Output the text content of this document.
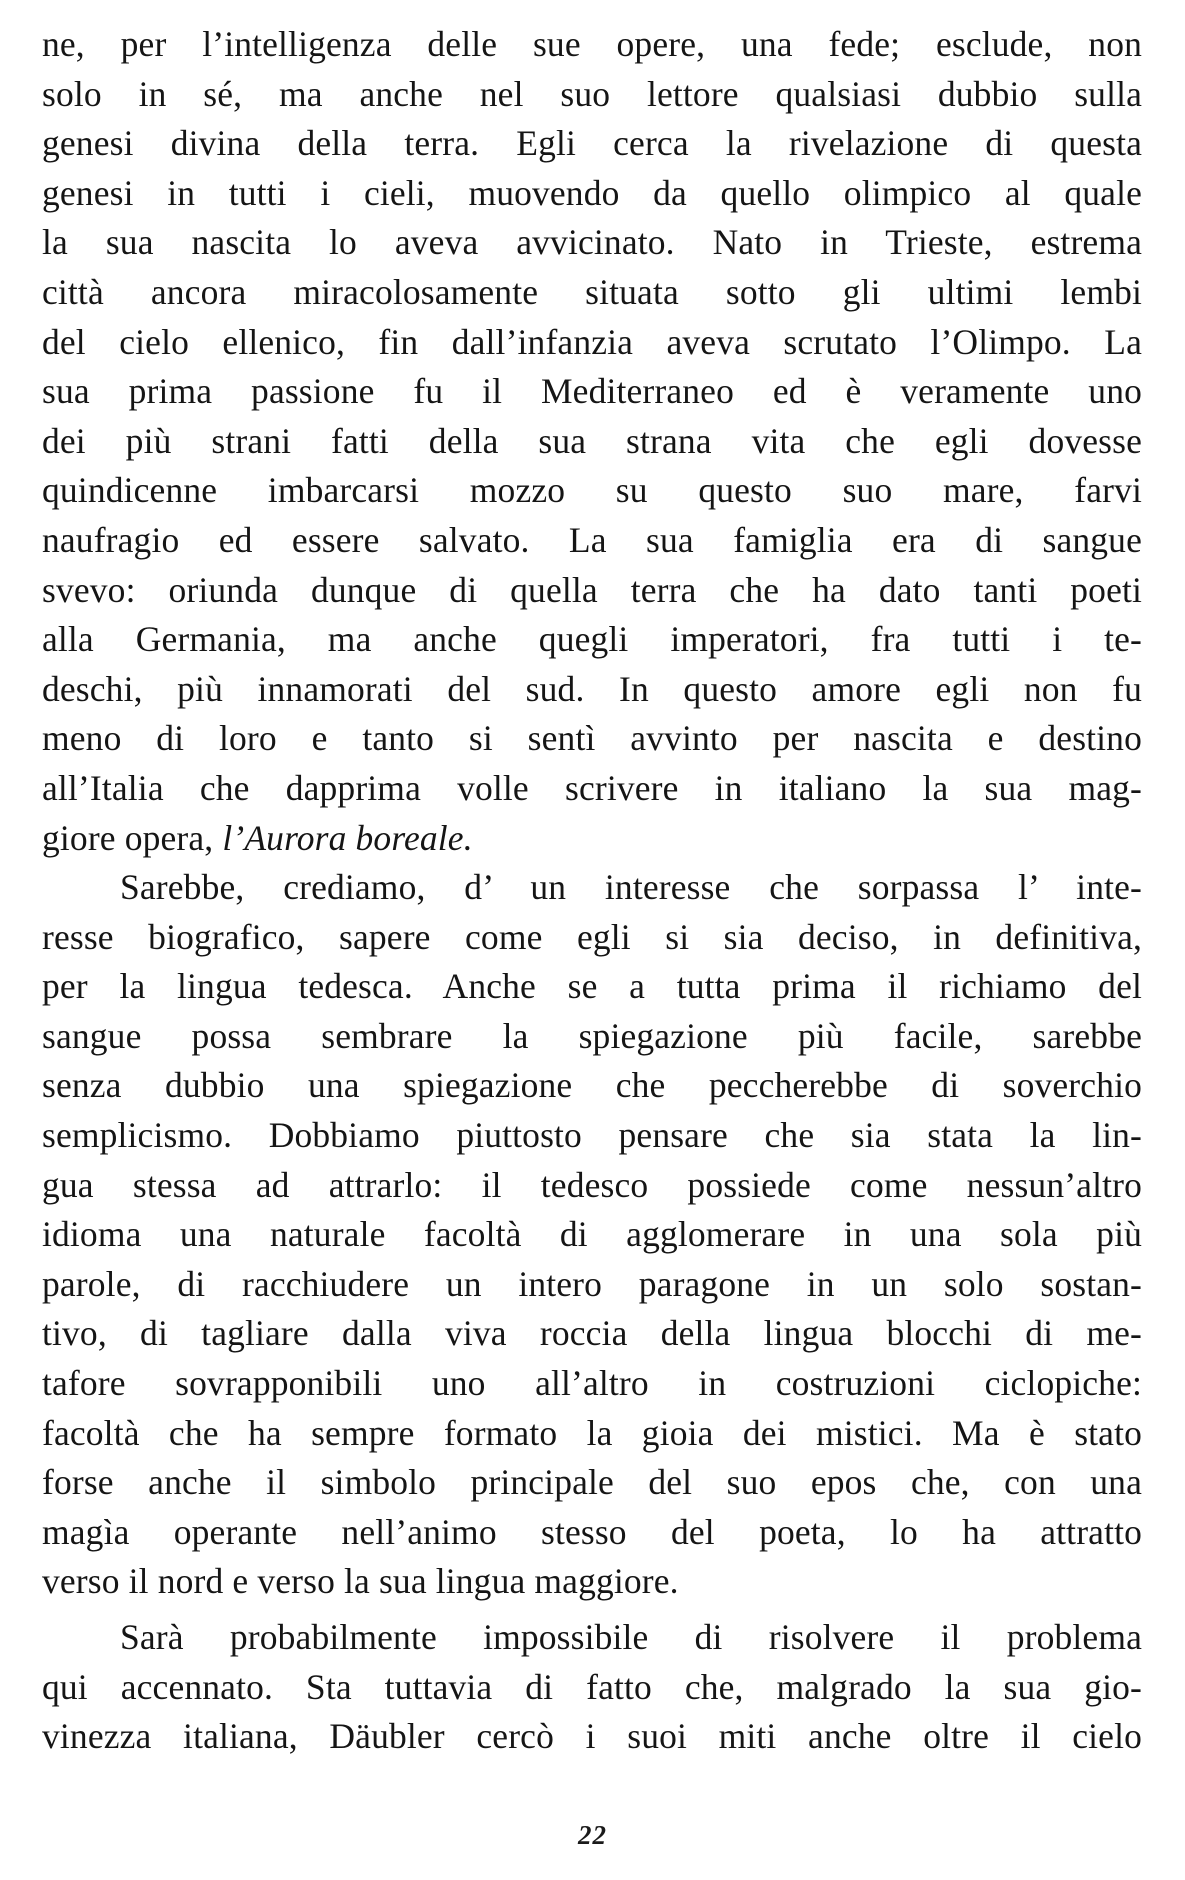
ne, per l’intelligenza delle sue opere, una fede; esclude, non
solo in sé, ma anche nel suo lettore qualsiasi dubbio sulla
genesi divina della terra. Egli cerca la rivelazione di questa
genesi in tutti i cieli, muovendo da quello olimpico al quale
la sua nascita lo aveva avvicinato. Nato in Trieste, estrema
città ancora miracolosamente situata sotto gli ultimi lembi
del cielo ellenico, fin dall’infanzia aveva scrutato l’Olimpo. La
sua prima passione fu il Mediterraneo ed è veramente uno
dei più strani fatti della sua strana vita che egli dovesse
quindicenne imbarcarsi mozzo su questo suo mare, farvi
naufragio ed essere salvato. La sua famiglia era di sangue
svevo: oriunda dunque di quella terra che ha dato tanti poeti
alla Germania, ma anche quegli imperatori, fra tutti i te-
deschi, più innamorati del sud. In questo amore egli non fu
meno di loro e tanto si sentì avvinto per nascita e destino
all’Italia che dapprima volle scrivere in italiano la sua mag-
giore opera, l’Aurora boreale.
Sarebbe, crediamo, d’ un interesse che sorpassa l’ inte-
resse biografico, sapere come egli si sia deciso, in definitiva,
per la lingua tedesca. Anche se a tutta prima il richiamo del
sangue possa sembrare la spiegazione più facile, sarebbe
senza dubbio una spiegazione che peccherebbe di soverchio
semplicismo. Dobbiamo piuttosto pensare che sia stata la lin-
gua stessa ad attrarlo: il tedesco possiede come nessun’altro
idioma una naturale facoltà di agglomerare in una sola più
parole, di racchiudere un intero paragone in un solo sostan-
tivo, di tagliare dalla viva roccia della lingua blocchi di me-
tafore sovrapponibili uno all’altro in costruzioni ciclopiche:
facoltà che ha sempre formato la gioia dei mistici. Ma è stato
forse anche il simbolo principale del suo epos che, con una
magìa operante nell’animo stesso del poeta, lo ha attratto
verso il nord e verso la sua lingua maggiore.
Sarà probabilmente impossibile di risolvere il problema
qui accennato. Sta tuttavia di fatto che, malgrado la sua gio-
vinezza italiana, Däubler cercò i suoi miti anche oltre il cielo
22
